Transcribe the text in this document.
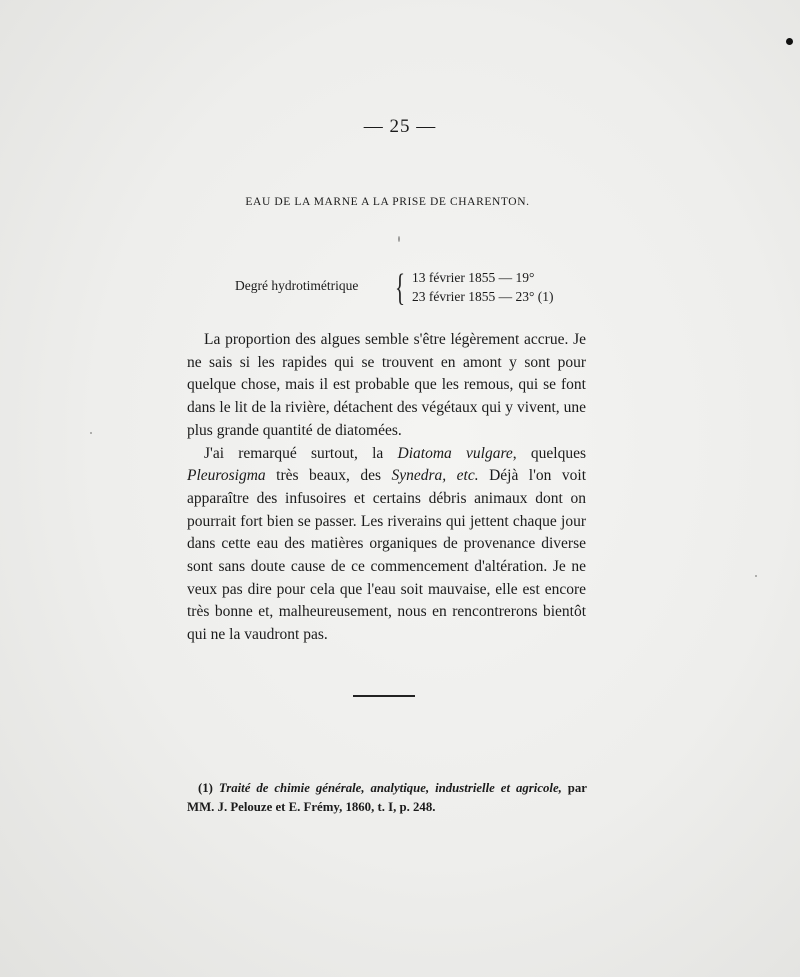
— 25 —
EAU DE LA MARNE A LA PRISE DE CHARENTON.
Degré hydrotimétrique { 13 février 1855 — 19°
23 février 1855 — 23° (1)

La proportion des algues semble s'être légèrement accrue. Je ne sais si les rapides qui se trouvent en amont y sont pour quelque chose, mais il est probable que les remous, qui se font dans le lit de la rivière, détachent des végétaux qui y vivent, une plus grande quantité de diatomées.

J'ai remarqué surtout, la Diatoma vulgare, quelques Pleurosigma très beaux, des Synedra, etc. Déjà l'on voit apparaître des infusoires et certains débris animaux dont on pourrait fort bien se passer. Les riverains qui jettent chaque jour dans cette eau des matières organiques de provenance diverse sont sans doute cause de ce commencement d'altération. Je ne veux pas dire pour cela que l'eau soit mauvaise, elle est encore très bonne et, malheureusement, nous en rencontrerons bientôt qui ne la vaudront pas.

(1) Traité de chimie générale, analytique, industrielle et agricole, par MM. J. Pelouze et E. Frémy, 1860, t. I, p. 248.
